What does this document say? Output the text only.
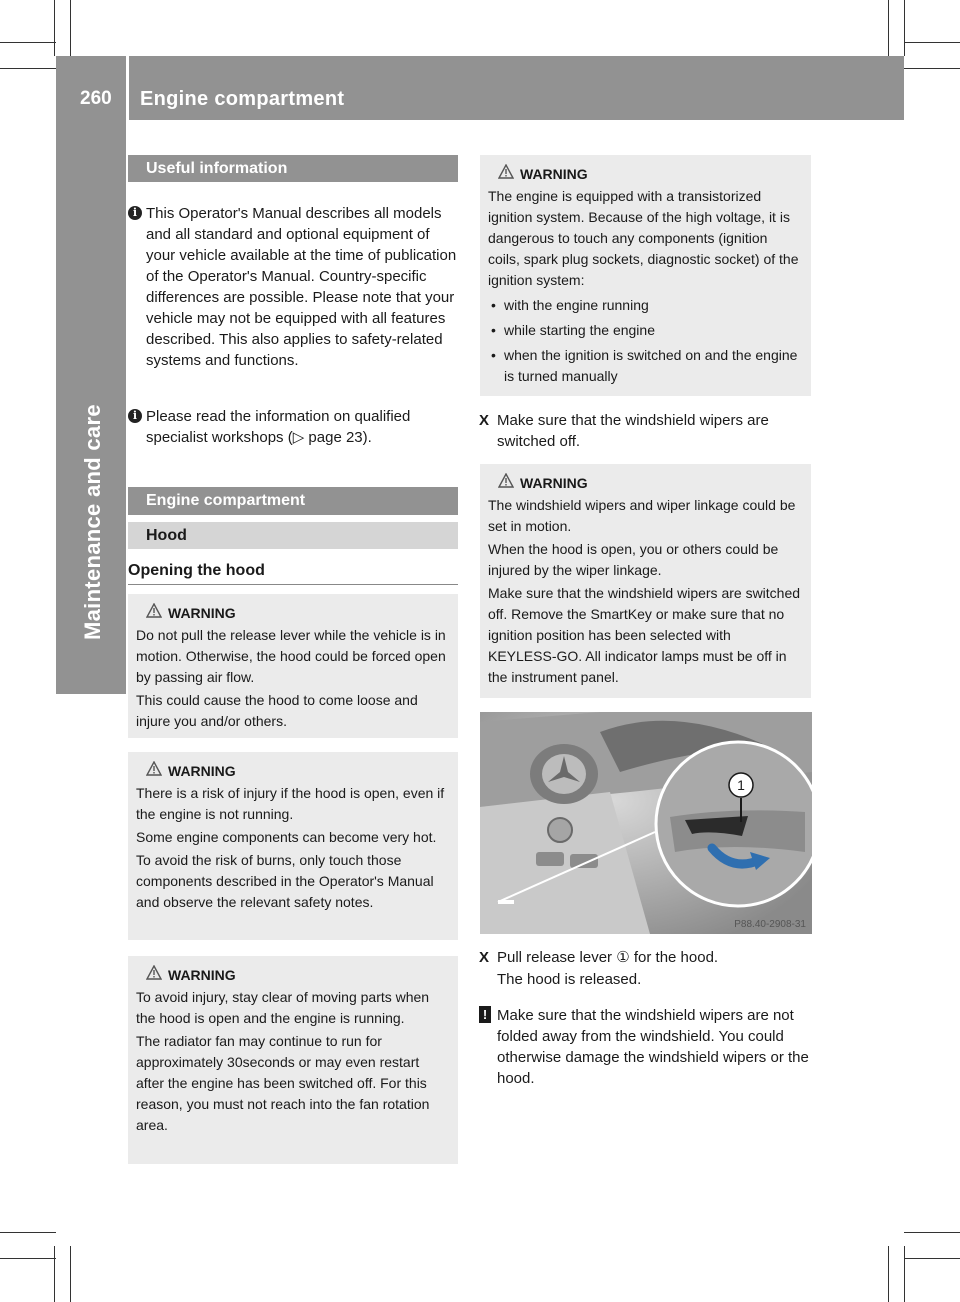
260	Engine compartment
Maintenance and care
Useful information
i This Operator's Manual describes all models and all standard and optional equipment of your vehicle available at the time of publication of the Operator's Manual. Country-specific differences are possible. Please note that your vehicle may not be equipped with all features described. This also applies to safety-related systems and functions.
i Please read the information on qualified specialist workshops (▷ page 23).
Engine compartment
Hood
Opening the hood
WARNING

Do not pull the release lever while the vehicle is in motion. Otherwise, the hood could be forced open by passing air flow.

This could cause the hood to come loose and injure you and/or others.

WARNING

There is a risk of injury if the hood is open, even if the engine is not running.

Some engine components can become very hot.

To avoid the risk of burns, only touch those components described in the Operator's Manual and observe the relevant safety notes.

WARNING

To avoid injury, stay clear of moving parts when the hood is open and the engine is running.

The radiator fan may continue to run for approximately 30seconds or may even restart after the engine has been switched off. For this reason, you must not reach into the fan rotation area.

WARNING

The engine is equipped with a transistorized ignition system. Because of the high voltage, it is dangerous to touch any components (ignition coils, spark plug sockets, diagnostic socket) of the ignition system:

• with the engine running
• while starting the engine
• when the ignition is switched on and the engine is turned manually
X Make sure that the windshield wipers are switched off.
WARNING

The windshield wipers and wiper linkage could be set in motion.

When the hood is open, you or others could be injured by the wiper linkage.

Make sure that the windshield wipers are switched off. Remove the SmartKey or make sure that no ignition position has been selected with KEYLESS-GO. All indicator lamps must be off in the instrument panel.

1
P88.40-2908-31
X Pull release lever ① for the hood.
The hood is released.
! Make sure that the windshield wipers are not folded away from the windshield. You could otherwise damage the windshield wipers or the hood.
